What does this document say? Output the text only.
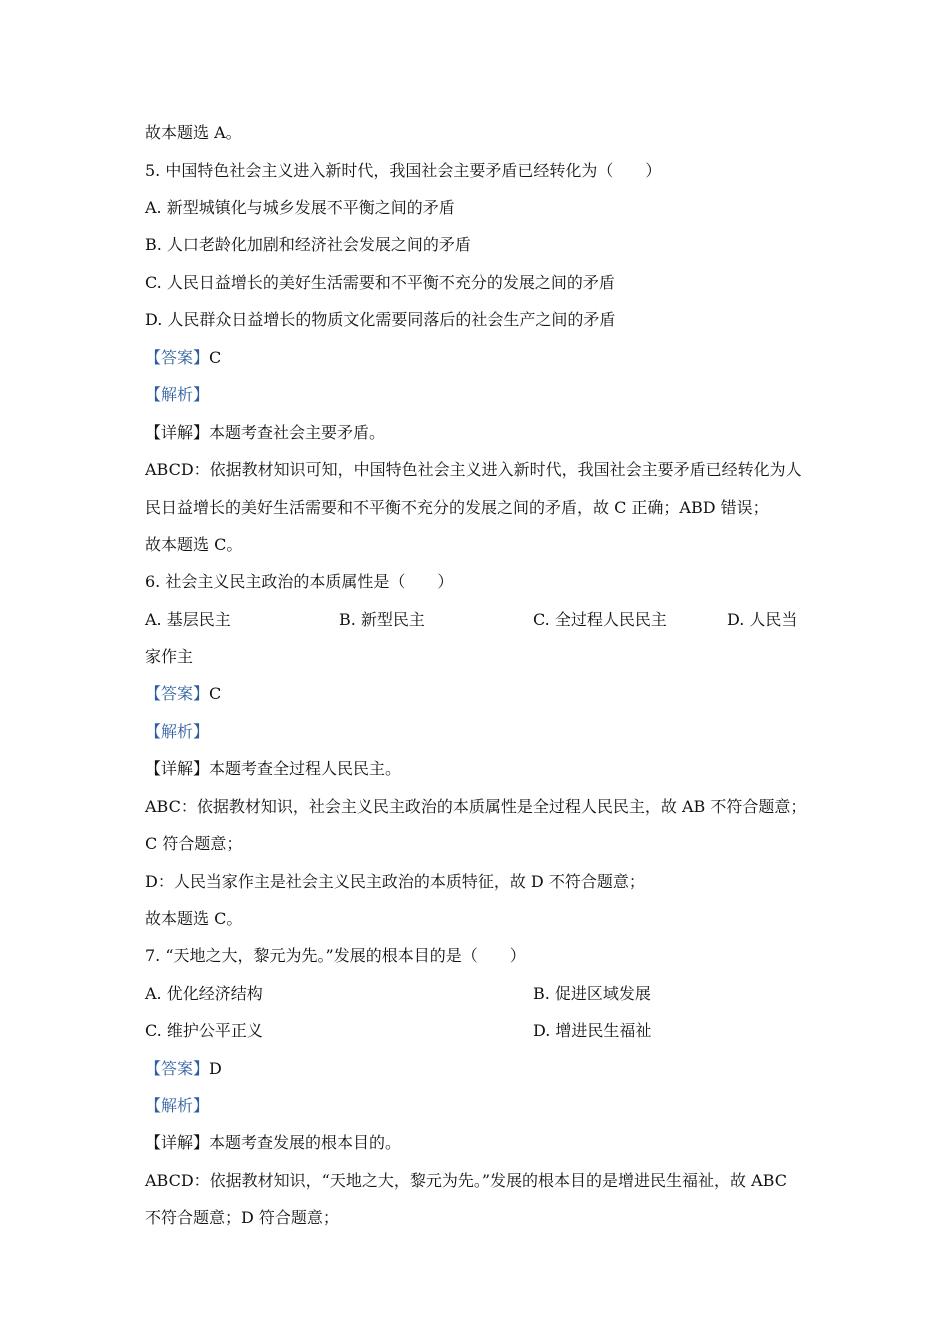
故本题选 A。
5. 中国特色社会主义进入新时代，我国社会主要矛盾已经转化为（　　）
A. 新型城镇化与城乡发展不平衡之间的矛盾
B. 人口老龄化加剧和经济社会发展之间的矛盾
C. 人民日益增长的美好生活需要和不平衡不充分的发展之间的矛盾
D. 人民群众日益增长的物质文化需要同落后的社会生产之间的矛盾
【答案】C
【解析】
【详解】本题考查社会主要矛盾。
ABCD：依据教材知识可知，中国特色社会主义进入新时代，我国社会主要矛盾已经转化为人
民日益增长的美好生活需要和不平衡不充分的发展之间的矛盾，故 C 正确；ABD 错误；
故本题选 C。
6. 社会主义民主政治的本质属性是（　　）
A. 基层民主	B. 新型民主	C. 全过程人民民主	D. 人民当
家作主
【答案】C
【解析】
【详解】本题考查全过程人民民主。
ABC：依据教材知识，社会主义民主政治的本质属性是全过程人民民主，故 AB 不符合题意；
C 符合题意；
D：人民当家作主是社会主义民主政治的本质特征，故 D 不符合题意；
故本题选 C。
7. “天地之大，黎元为先。”发展的根本目的是（　　）
A. 优化经济结构	B. 促进区域发展
C. 维护公平正义	D. 增进民生福祉
【答案】D
【解析】
【详解】本题考查发展的根本目的。
ABCD：依据教材知识，“天地之大，黎元为先。”发展的根本目的是增进民生福祉，故 ABC
不符合题意；D 符合题意；
